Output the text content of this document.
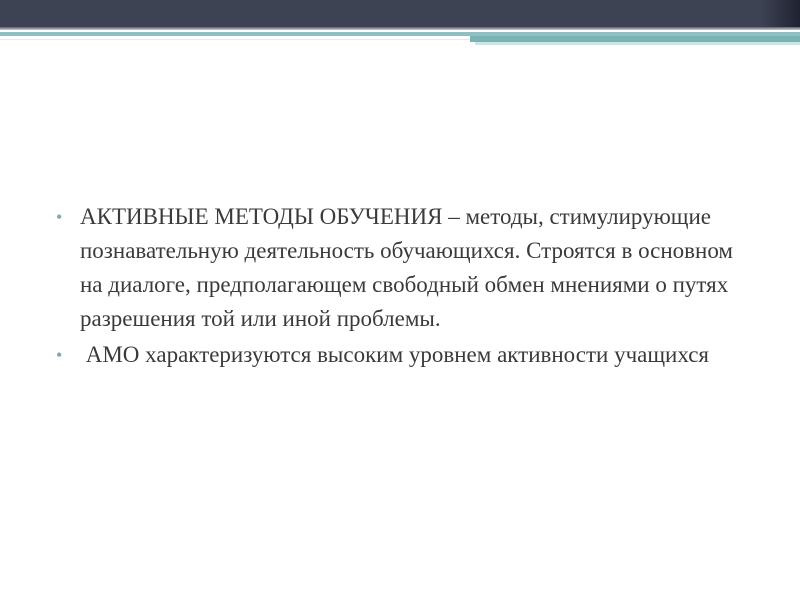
• АКТИВНЫЕ МЕТОДЫ ОБУЧЕНИЯ – методы, стимулирующие познавательную деятельность обучающихся. Строятся в основном на диалоге, предполагающем свободный обмен мнениями о путях разрешения той или иной проблемы.
• АМО характеризуются высоким уровнем активности учащихся
